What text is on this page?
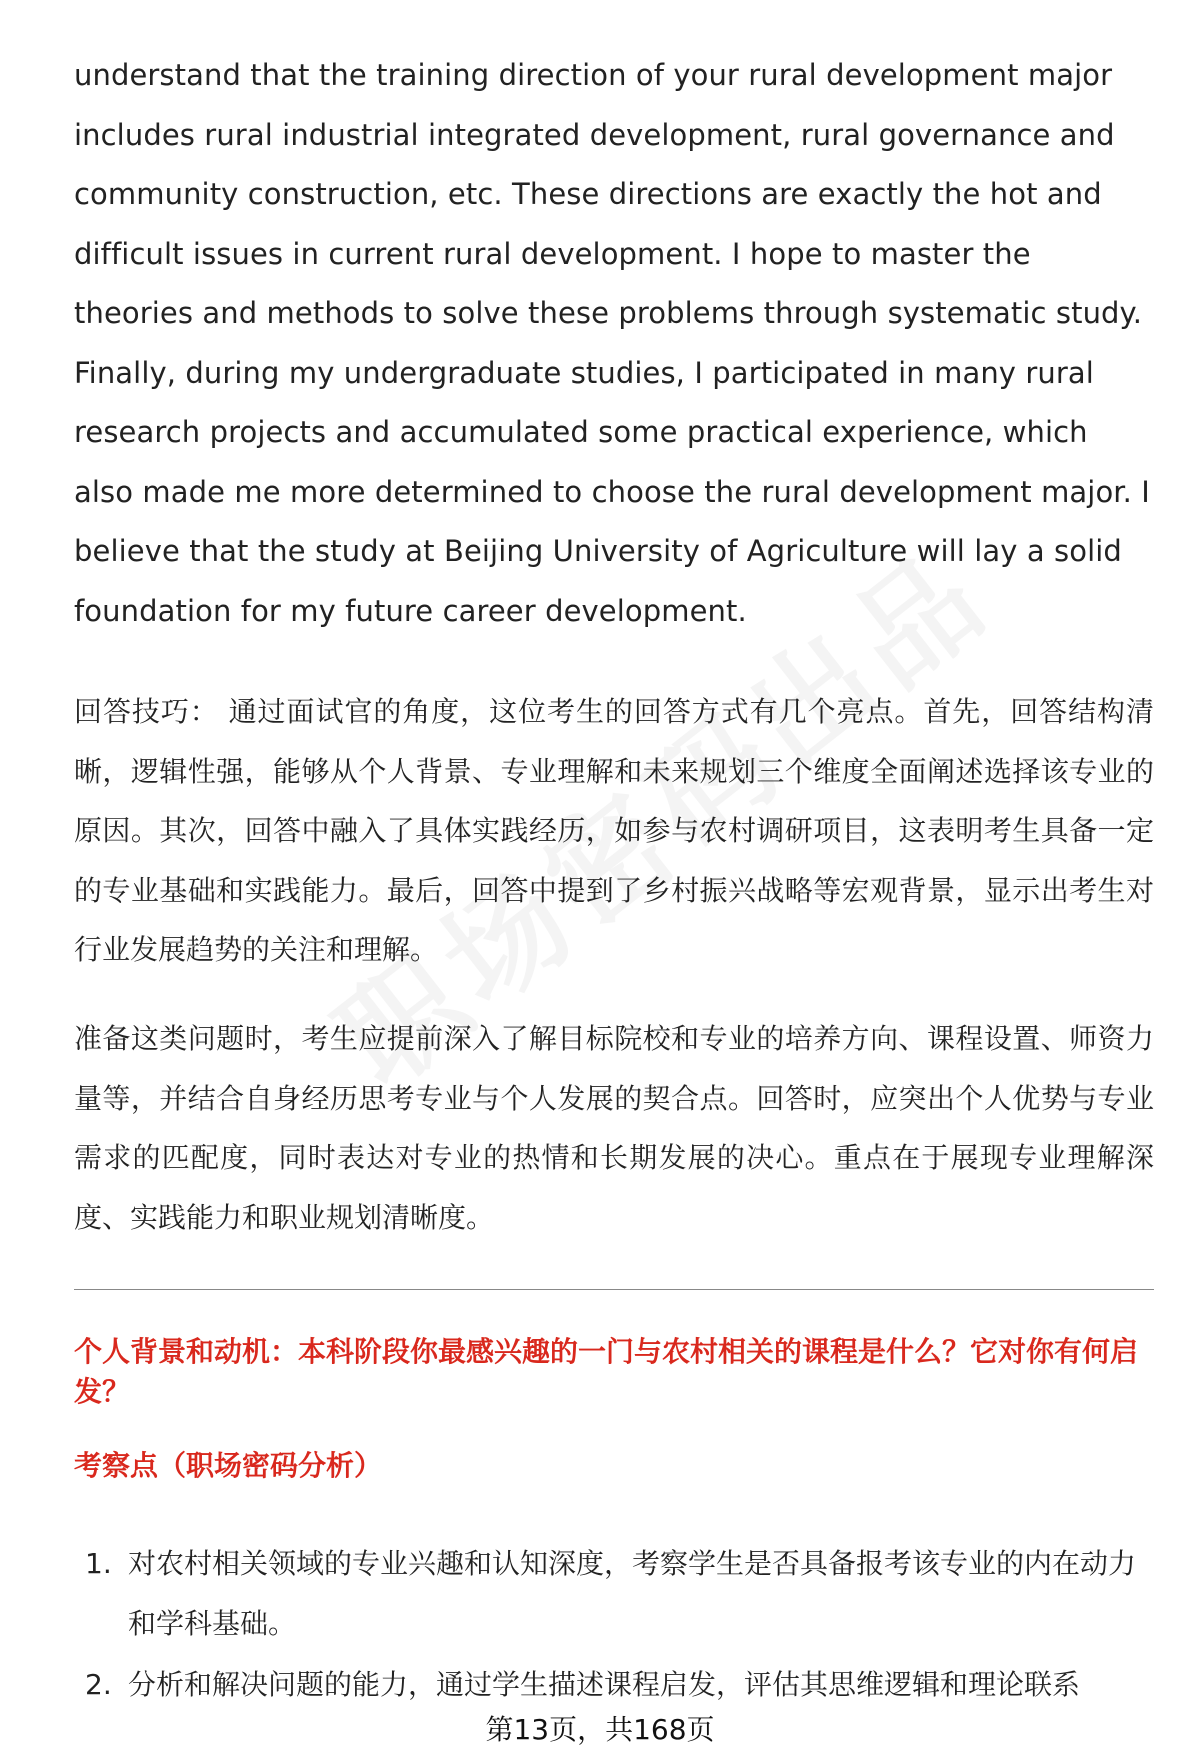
understand that the training direction of your rural development major includes rural industrial integrated development, rural governance and community construction, etc. These directions are exactly the hot and difficult issues in current rural development. I hope to master the theories and methods to solve these problems through systematic study. Finally, during my undergraduate studies, I participated in many rural research projects and accumulated some practical experience, which also made me more determined to choose the rural development major. I believe that the study at Beijing University of Agriculture will lay a solid foundation for my future career development.

回答技巧： 通过面试官的角度，这位考生的回答方式有几个亮点。首先，回答结构清晰，逻辑性强，能够从个人背景、专业理解和未来规划三个维度全面阐述选择该专业的原因。其次，回答中融入了具体实践经历，如参与农村调研项目，这表明考生具备一定的专业基础和实践能力。最后，回答中提到了乡村振兴战略等宏观背景，显示出考生对行业发展趋势的关注和理解。

准备这类问题时，考生应提前深入了解目标院校和专业的培养方向、课程设置、师资力量等，并结合自身经历思考专业与个人发展的契合点。回答时，应突出个人优势与专业需求的匹配度，同时表达对专业的热情和长期发展的决心。重点在于展现专业理解深度、实践能力和职业规划清晰度。

个人背景和动机：本科阶段你最感兴趣的一门与农村相关的课程是什么？它对你有何启发？

考察点（职场密码分析）

1. 对农村相关领域的专业兴趣和认知深度，考察学生是否具备报考该专业的内在动力和学科基础。
2. 分析和解决问题的能力，通过学生描述课程启发，评估其思维逻辑和理论联系
第13页，共168页
